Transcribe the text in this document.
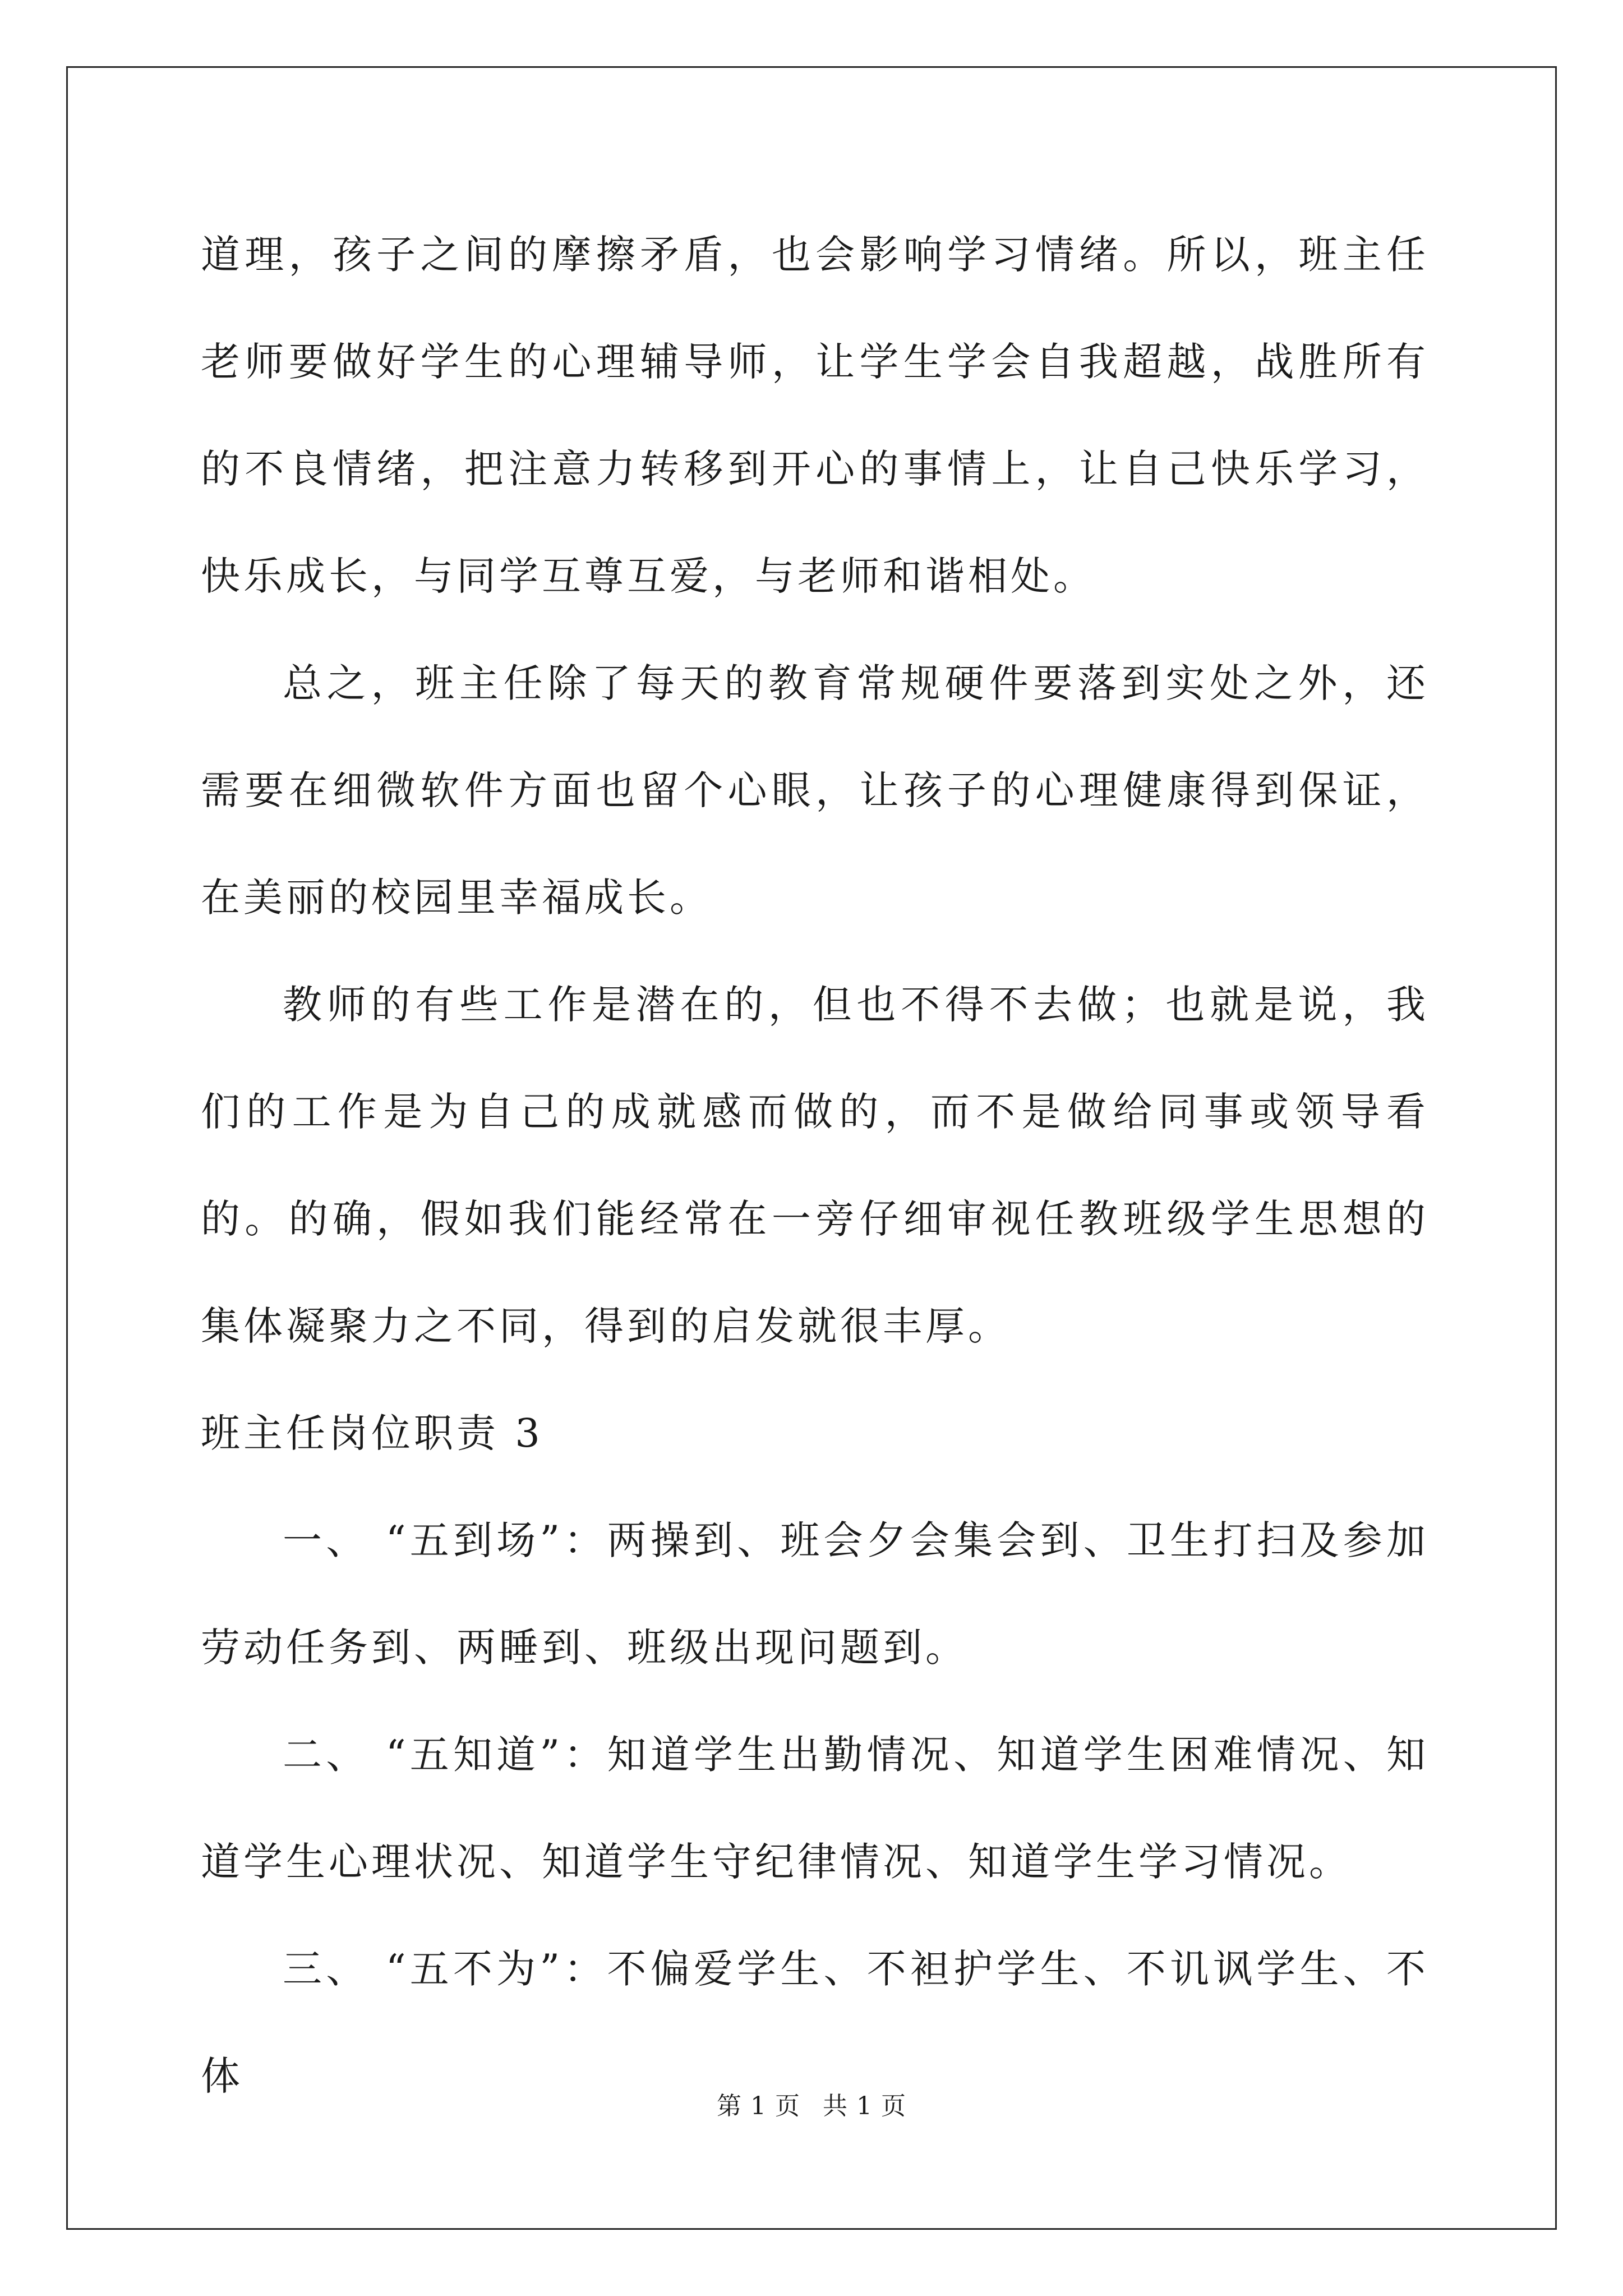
道理，孩子之间的摩擦矛盾，也会影响学习情绪。所以，班主任老师要做好学生的心理辅导师，让学生学会自我超越，战胜所有的不良情绪，把注意力转移到开心的事情上，让自己快乐学习，快乐成长，与同学互尊互爱，与老师和谐相处。

总之，班主任除了每天的教育常规硬件要落到实处之外，还需要在细微软件方面也留个心眼，让孩子的心理健康得到保证，在美丽的校园里幸福成长。

教师的有些工作是潜在的，但也不得不去做；也就是说，我们的工作是为自己的成就感而做的，而不是做给同事或领导看的。的确，假如我们能经常在一旁仔细审视任教班级学生思想的集体凝聚力之不同，得到的启发就很丰厚。

班主任岗位职责 3

一、 “五到场”：两操到、班会夕会集会到、卫生打扫及参加劳动任务到、两睡到、班级出现问题到。

二、 “五知道”：知道学生出勤情况、知道学生困难情况、知道学生心理状况、知道学生守纪律情况、知道学生学习情况。

三、 “五不为”：不偏爱学生、不袒护学生、不讥讽学生、不体

第 1 页 共 1 页
